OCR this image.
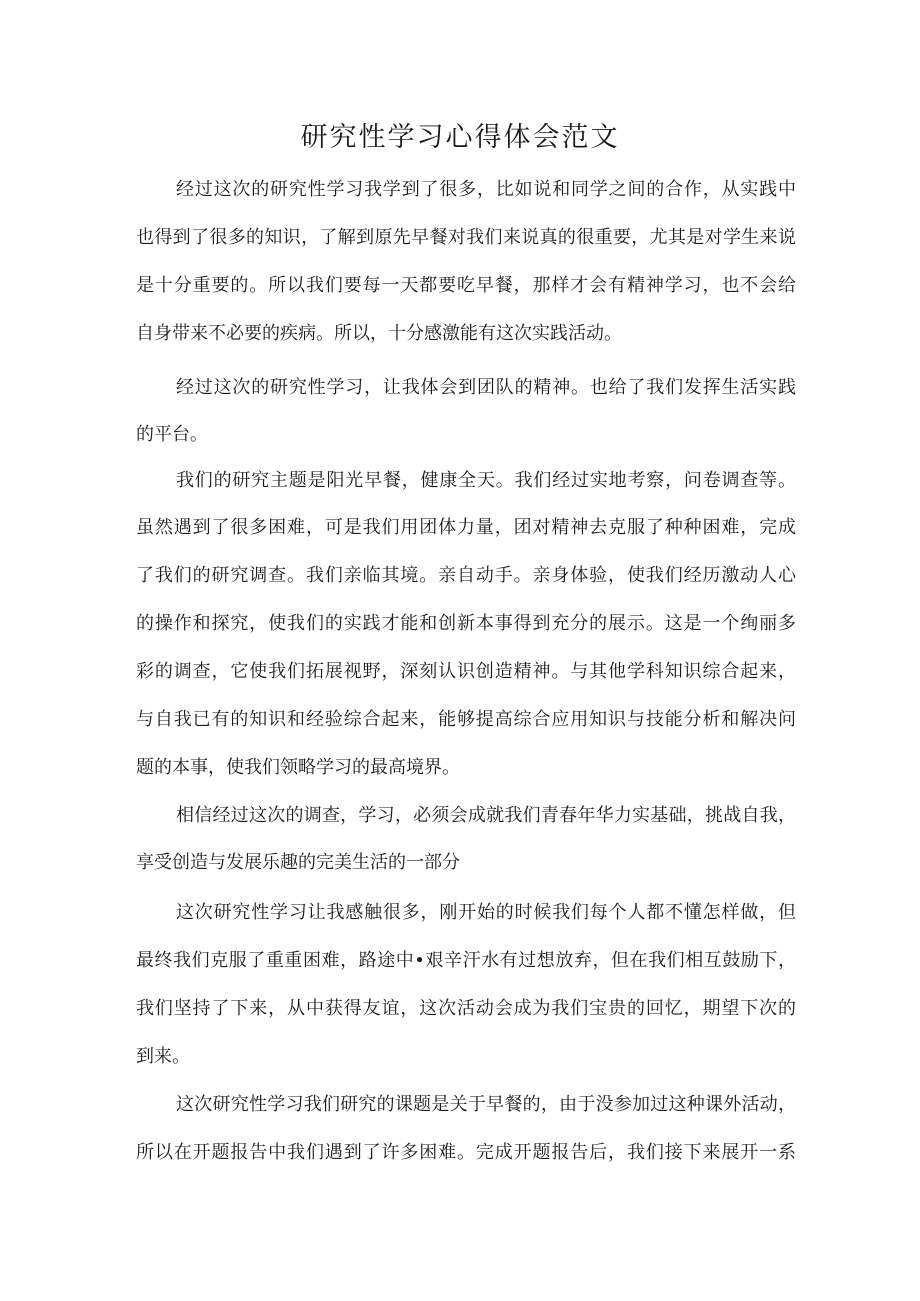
研究性学习心得体会范文

经过这次的研究性学习我学到了很多，比如说和同学之间的合作，从实践中

也得到了很多的知识，了解到原先早餐对我们来说真的很重要，尤其是对学生来说

是十分重要的。所以我们要每一天都要吃早餐，那样才会有精神学习，也不会给

自身带来不必要的疾病。所以，十分感激能有这次实践活动。

经过这次的研究性学习，让我体会到团队的精神。也给了我们发挥生活实践

的平台。

我们的研究主题是阳光早餐，健康全天。我们经过实地考察，问卷调查等。

虽然遇到了很多困难，可是我们用团体力量，团对精神去克服了种种困难，完成

了我们的研究调查。我们亲临其境。亲自动手。亲身体验，使我们经历激动人心

的操作和探究，使我们的实践才能和创新本事得到充分的展示。这是一个绚丽多

彩的调查，它使我们拓展视野，深刻认识创造精神。与其他学科知识综合起来，

与自我已有的知识和经验综合起来，能够提高综合应用知识与技能分析和解决问

题的本事，使我们领略学习的最高境界。

相信经过这次的调查，学习，必须会成就我们青春年华力实基础，挑战自我，

享受创造与发展乐趣的完美生活的一部分

这次研究性学习让我感触很多，刚开始的时候我们每个人都不懂怎样做，但

最终我们克服了重重困难，路途中•艰辛汗水有过想放弃，但在我们相互鼓励下，

我们坚持了下来，从中获得友谊，这次活动会成为我们宝贵的回忆，期望下次的

到来。

这次研究性学习我们研究的课题是关于早餐的，由于没参加过这种课外活动，

所以在开题报告中我们遇到了许多困难。完成开题报告后，我们接下来展开一系
